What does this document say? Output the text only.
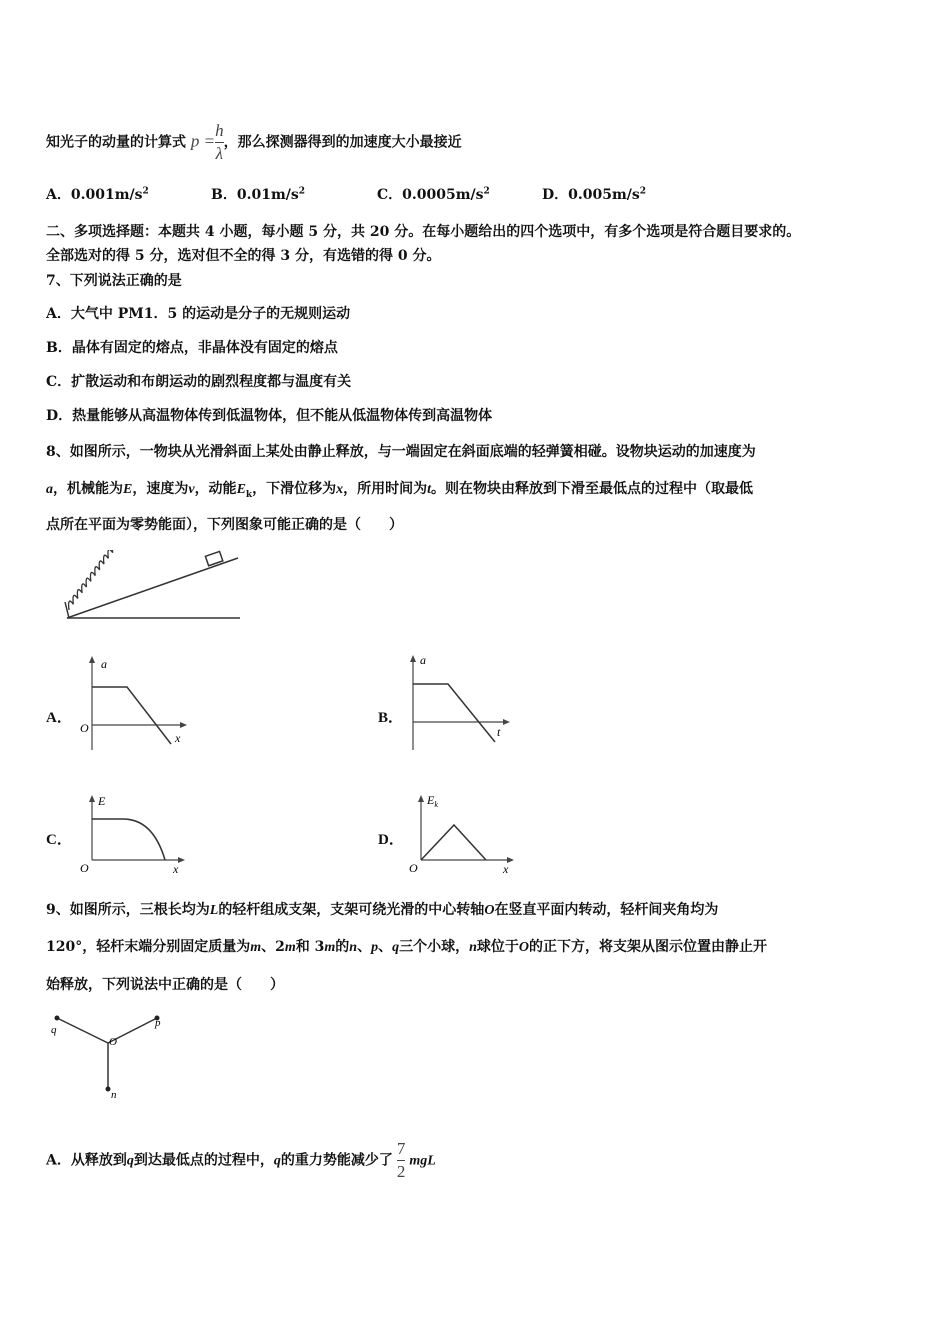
知光子的动量的计算式 $p =\frac{h}{\lambda}$，那么探测器得到的加速度大小最接近
A．$0.001m/s^2$	B．$0.01m/s^2$	C．$0.0005m/s^2$	D．$0.005m/s^2$
二、多项选择题：本题共 4 小题，每小题 5 分，共 20 分。在每小题给出的四个选项中，有多个选项是符合题目要求的。
全部选对的得 5 分，选对但不全的得 3 分，有选错的得 0 分。
7、下列说法正确的是
A．大气中 PM1．5 的运动是分子的无规则运动
B．晶体有固定的熔点，非晶体没有固定的熔点
C．扩散运动和布朗运动的剧烈程度都与温度有关
D．热量能够从高温物体传到低温物体，但不能从低温物体传到高温物体
8、如图所示，一物块从光滑斜面上某处由静止释放，与一端固定在斜面底端的轻弹簧相碰。设物块运动的加速度为
a，机械能为E，速度为v，动能$E_k$，下滑位移为x，所用时间为t。则在物块由释放到下滑至最低点的过程中（取最低
点所在平面为零势能面），下列图象可能正确的是（　　）
A．
a
O
x
B．
a
t
C．
E
O	x
D．
$E_k$
O	x
9、如图所示，三根长均为L的轻杆组成支架，支架可绕光滑的中心转轴O在竖直平面内转动，轻杆间夹角均为
120°，轻杆末端分别固定质量为m、2m和 3m的n、p、q三个小球，n球位于O的正下方，将支架从图示位置由静止开
始释放，下列说法中正确的是（　　）
q
p
O
n
A．从释放到q到达最低点的过程中，q的重力势能减少了 $\frac{7}{2}$ mgL
